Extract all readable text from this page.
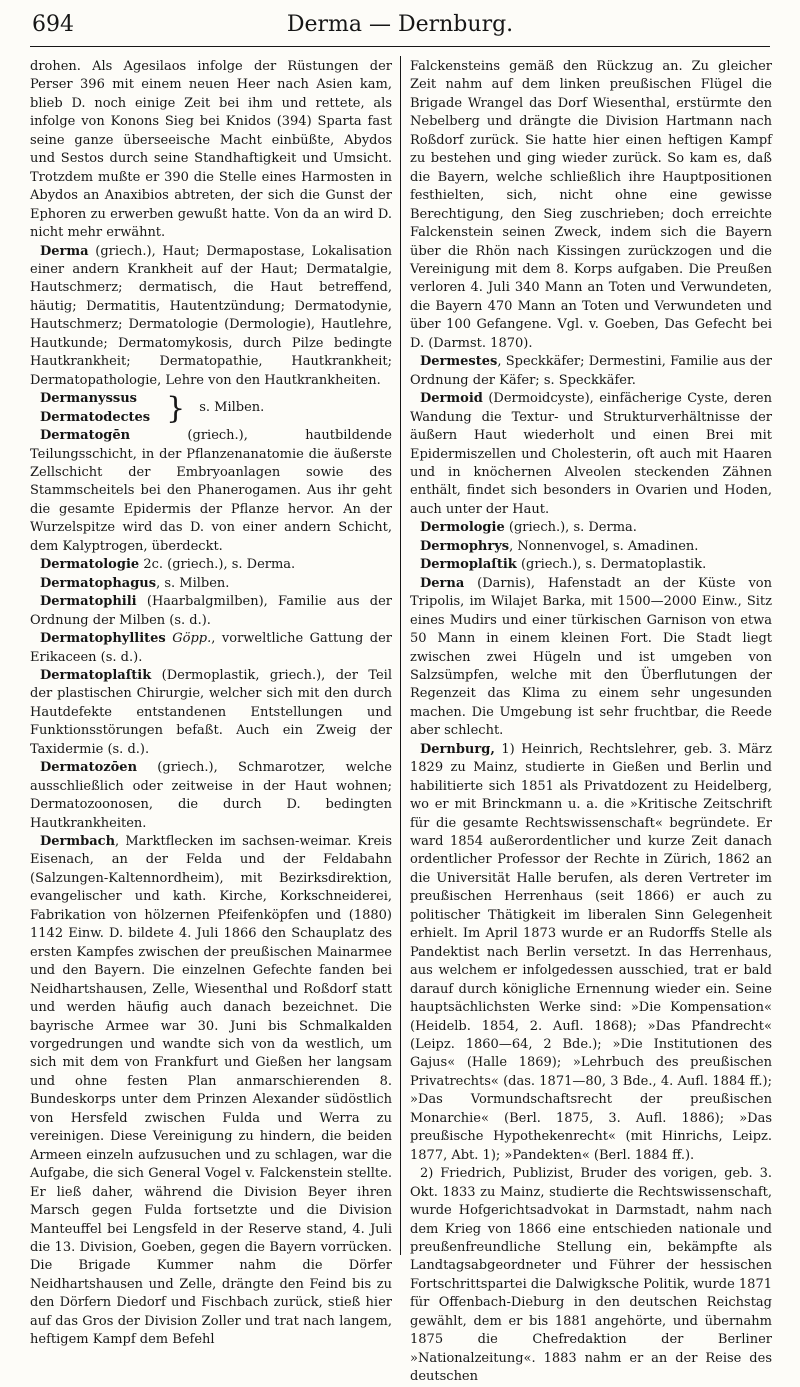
694	Derma — Dernburg.

drohen. Als Agesilaos infolge der Rüstungen der Perser 396 mit einem neuen Heer nach Asien kam, blieb D. noch einige Zeit bei ihm und rettete, als infolge von Konons Sieg bei Knidos (394) Sparta fast seine ganze überseeische Macht einbüßte, Abydos und Sestos durch seine Standhaftigkeit und Umsicht. Trotzdem mußte er 390 die Stelle eines Harmosten in Abydos an Anaxibios abtreten, der sich die Gunst der Ephoren zu erwerben gewußt hatte. Von da an wird D. nicht mehr erwähnt.

Derma (griech.), Haut; Dermapostase, Lokalisation einer andern Krankheit auf der Haut; Dermatalgie, Hautschmerz; dermatisch, die Haut betreffend, häutig; Dermatitis, Hautentzündung; Dermatodynie, Hautschmerz; Dermatologie (Dermologie), Hautlehre, Hautkunde; Dermatomykosis, durch Pilze bedingte Hautkrankheit; Dermatopathie, Hautkrankheit; Dermatopathologie, Lehre von den Hautkrankheiten.

Dermanyssus
Dermatodectes }	s. Milben.

Dermatogēn	(griech.), hautbildende Teilungsschicht, in der Pflanzenanatomie die äußerste Zellschicht der Embryoanlagen sowie des Stammscheitels bei den Phanerogamen. Aus ihr geht die gesamte Epidermis der Pflanze hervor. An der Wurzelspitze wird das D. von einer andern Schicht, dem Kalyptrogen, überdeckt.

Dermatologie 2c. (griech.), s. Derma.

Dermatophagus, s. Milben.

Dermatophili (Haarbalgmilben), Familie aus der Ordnung der Milben (s. d.).

Dermatophyllites Göpp., vorweltliche Gattung der Erikaceen (s. d.).

Dermatoplaſtik (Dermoplastik, griech.), der Teil der plastischen Chirurgie, welcher sich mit den durch Hautdefekte entstandenen Entstellungen und Funktionsstörungen befaßt. Auch ein Zweig der Taxidermie (s. d.).

Dermatozōen (griech.), Schmarotzer, welche ausschließlich oder zeitweise in der Haut wohnen; Dermatozoonosen, die durch D. bedingten Hautkrankheiten.

Dermbach, Marktflecken im sachsen-weimar. Kreis Eisenach, an der Felda und der Feldabahn (Salzungen-Kaltennordheim), mit Bezirksdirektion, evangelischer und kath. Kirche, Korkschneiderei, Fabrikation von hölzernen Pfeifenköpfen und (1880) 1142 Einw. D. bildete 4. Juli 1866 den Schauplatz des ersten Kampfes zwischen der preußischen Mainarmee und den Bayern. Die einzelnen Gefechte fanden bei Neidhartshausen, Zelle, Wiesenthal und Roßdorf statt und werden häufig auch danach bezeichnet. Die bayrische Armee war 30. Juni bis Schmalkalden vorgedrungen und wandte sich von da westlich, um sich mit dem von Frankfurt und Gießen her langsam und ohne festen Plan anmarschierenden 8. Bundeskorps unter dem Prinzen Alexander südöstlich von Hersfeld zwischen Fulda und Werra zu vereinigen. Diese Vereinigung zu hindern, die beiden Armeen einzeln aufzusuchen und zu schlagen, war die Aufgabe, die sich General Vogel v. Falckenstein stellte. Er ließ daher, während die Division Beyer ihren Marsch gegen Fulda fortsetzte und die Division Manteuffel bei Lengsfeld in der Reserve stand, 4. Juli die 13. Division, Goeben, gegen die Bayern vorrücken. Die Brigade Kummer nahm die Dörfer Neidhartshausen und Zelle, drängte den Feind bis zu den Dörfern Diedorf und Fischbach zurück, stieß hier auf das Gros der Division Zoller und trat nach langem, heftigem Kampf dem Befehl

Falckensteins gemäß den Rückzug an. Zu gleicher Zeit nahm auf dem linken preußischen Flügel die Brigade Wrangel das Dorf Wiesenthal, erstürmte den Nebelberg und drängte die Division Hartmann nach Roßdorf zurück. Sie hatte hier einen heftigen Kampf zu bestehen und ging wieder zurück. So kam es, daß die Bayern, welche schließlich ihre Hauptpositionen festhielten, sich, nicht ohne eine gewisse Berechtigung, den Sieg zuschrieben; doch erreichte Falckenstein seinen Zweck, indem sich die Bayern über die Rhön nach Kissingen zurückzogen und die Vereinigung mit dem 8. Korps aufgaben. Die Preußen verloren 4. Juli 340 Mann an Toten und Verwundeten, die Bayern 470 Mann an Toten und Verwundeten und über 100 Gefangene. Vgl. v. Goeben, Das Gefecht bei D. (Darmst. 1870).

Dermestes, Speckkäfer; Dermestini, Familie aus der Ordnung der Käfer; s. Speckkäfer.

Dermoid (Dermoidcyste), einfächerige Cyste, deren Wandung die Textur- und Strukturverhältnisse der äußern Haut wiederholt und einen Brei mit Epidermiszellen und Cholesterin, oft auch mit Haaren und in knöchernen Alveolen steckenden Zähnen enthält, findet sich besonders in Ovarien und Hoden, auch unter der Haut.

Dermologie (griech.), s. Derma.

Dermophrys, Nonnenvogel, s. Amadinen.

Dermoplaſtik (griech.), s. Dermatoplastik.

Derna (Darnis), Hafenstadt an der Küste von Tripolis, im Wilajet Barka, mit 1500—2000 Einw., Sitz eines Mudirs und einer türkischen Garnison von etwa 50 Mann in einem kleinen Fort. Die Stadt liegt zwischen zwei Hügeln und ist umgeben von Salzsümpfen, welche mit den Überflutungen der Regenzeit das Klima zu einem sehr ungesunden machen. Die Umgebung ist sehr fruchtbar, die Reede aber schlecht.

Dernburg, 1) Heinrich, Rechtslehrer, geb. 3. März 1829 zu Mainz, studierte in Gießen und Berlin und habilitierte sich 1851 als Privatdozent zu Heidelberg, wo er mit Brinckmann u. a. die »Kritische Zeitschrift für die gesamte Rechtswissenschaft« begründete. Er ward 1854 außerordentlicher und kurze Zeit danach ordentlicher Professor der Rechte in Zürich, 1862 an die Universität Halle berufen, als deren Vertreter im preußischen Herrenhaus (seit 1866) er auch zu politischer Thätigkeit im liberalen Sinn Gelegenheit erhielt. Im April 1873 wurde er an Rudorffs Stelle als Pandektist nach Berlin versetzt. In das Herrenhaus, aus welchem er infolgedessen ausschied, trat er bald darauf durch königliche Ernennung wieder ein. Seine hauptsächlichsten Werke sind: »Die Kompensation« (Heidelb. 1854, 2. Aufl. 1868); »Das Pfandrecht« (Leipz. 1860—64, 2 Bde.); »Die Institutionen des Gajus« (Halle 1869); »Lehrbuch des preußischen Privatrechts« (das. 1871—80, 3 Bde., 4. Aufl. 1884 ff.); »Das Vormundschaftsrecht der preußischen Monarchie« (Berl. 1875, 3. Aufl. 1886); »Das preußische Hypothekenrecht« (mit Hinrichs, Leipz. 1877, Abt. 1); »Pandekten« (Berl. 1884 ff.).

2) Friedrich, Publizist, Bruder des vorigen, geb. 3. Okt. 1833 zu Mainz, studierte die Rechtswissenschaft, wurde Hofgerichtsadvokat in Darmstadt, nahm nach dem Krieg von 1866 eine entschieden nationale und preußenfreundliche Stellung ein, bekämpfte als Landtagsabgeordneter und Führer der hessischen Fortschrittspartei die Dalwigksche Politik, wurde 1871 für Offenbach-Dieburg in den deutschen Reichstag gewählt, dem er bis 1881 angehörte, und übernahm 1875 die Chefredaktion der Berliner »Nationalzeitung«. 1883 nahm er an der Reise des deutschen
